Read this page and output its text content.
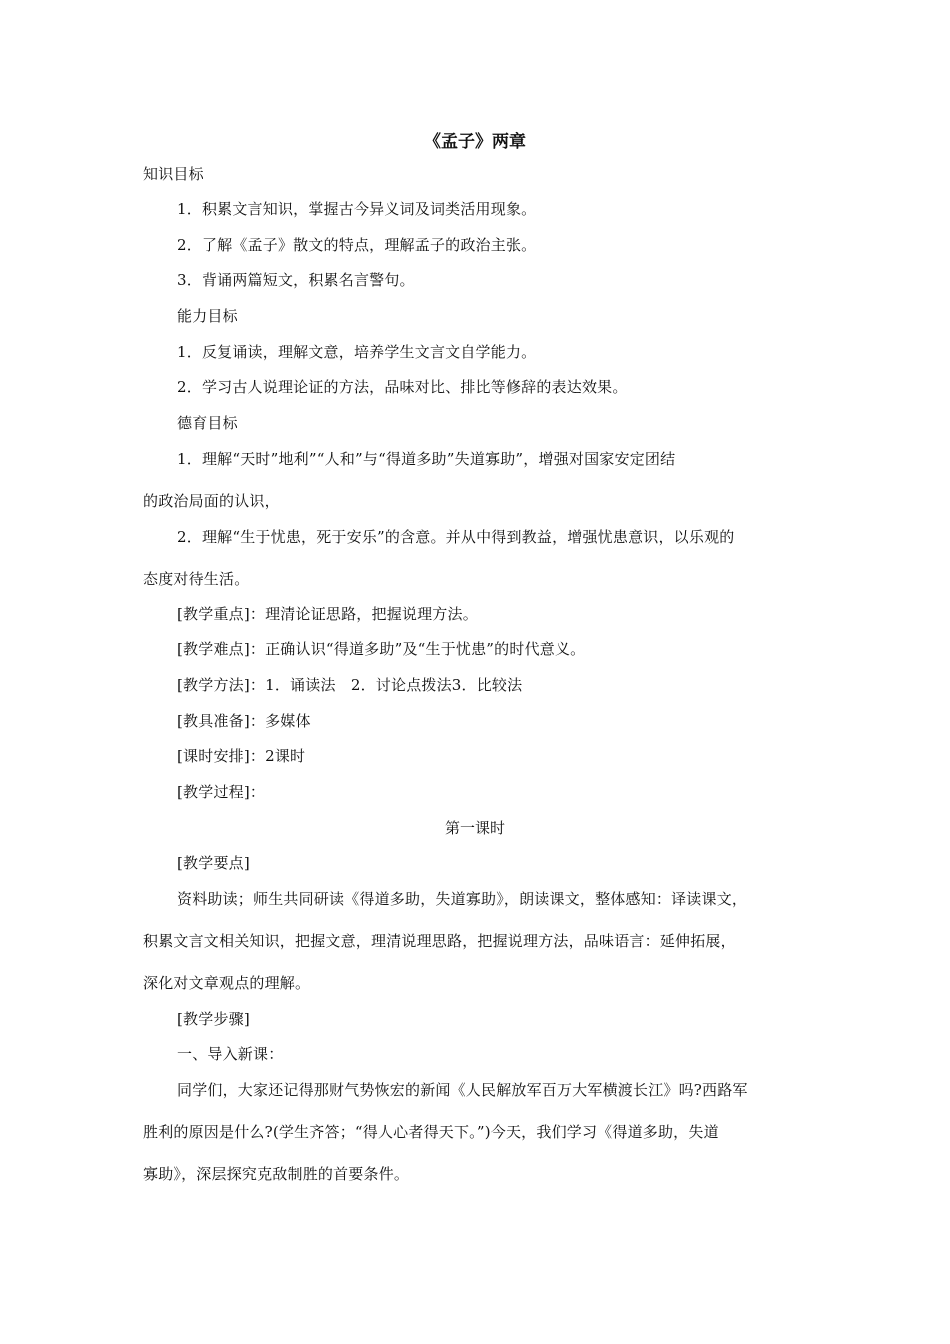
《孟子》两章
知识目标
1．积累文言知识，掌握古今异义词及词类活用现象。
2．了解《孟子》散文的特点，理解孟子的政治主张。
3．背诵两篇短文，积累名言警句。
能力目标
1．反复诵读，理解文意，培养学生文言文自学能力。
2．学习古人说理论证的方法，品味对比、排比等修辞的表达效果。
德育目标
1．理解“天时”地利”“人和”与“得道多助”失道寡助”，增强对国家安定团结
的政治局面的认识，
2．理解“生于忧患，死于安乐”的含意。并从中得到教益，增强忧患意识，以乐观的
态度对待生活。
[教学重点]：理清论证思路，把握说理方法。
[教学难点]：正确认识“得道多助”及“生于忧患”的时代意义。
[教学方法]：1．诵读法　2．讨论点拨法3．比较法
[教具准备]：多媒体
[课时安排]：2课时
[教学过程]：
第一课时
[教学要点]
资料助读；师生共同研读《得道多助，失道寡助》，朗读课文，整体感知：译读课文，
积累文言文相关知识，把握文意，理清说理思路，把握说理方法，品味语言：延伸拓展，
深化对文章观点的理解。
[教学步骤]
一、导入新课：
同学们，大家还记得那财气势恢宏的新闻《人民解放军百万大军横渡长江》吗?西路军
胜利的原因是什么?(学生齐答；“得人心者得天下。”)今天，我们学习《得道多助，失道
寡助》，深层探究克敌制胜的首要条件。
